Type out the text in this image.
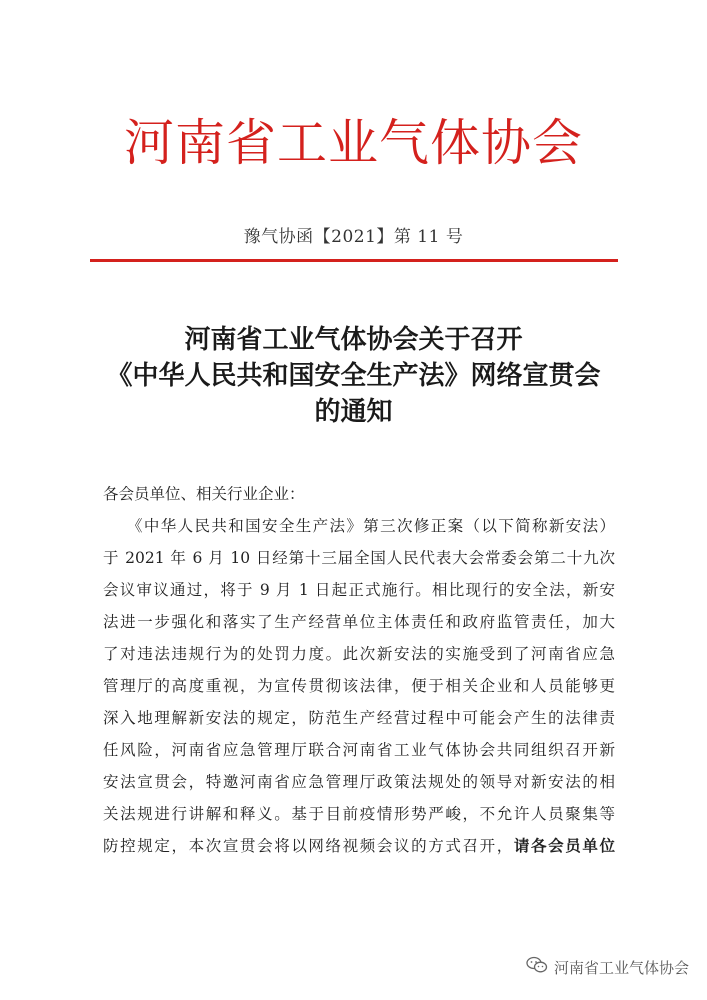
河南省工业气体协会
豫气协函【2021】第 11 号
河南省工业气体协会关于召开
《中华人民共和国安全生产法》网络宣贯会
的通知
各会员单位、相关行业企业：
《中华人民共和国安全生产法》第三次修正案（以下简称新安法）
于 2021 年 6 月 10 日经第十三届全国人民代表大会常委会第二十九次
会议审议通过，将于 9 月 1 日起正式施行。相比现行的安全法，新安
法进一步强化和落实了生产经营单位主体责任和政府监管责任，加大
了对违法违规行为的处罚力度。此次新安法的实施受到了河南省应急
管理厅的高度重视，为宣传贯彻该法律，便于相关企业和人员能够更
深入地理解新安法的规定，防范生产经营过程中可能会产生的法律责
任风险，河南省应急管理厅联合河南省工业气体协会共同组织召开新
安法宣贯会，特邀河南省应急管理厅政策法规处的领导对新安法的相
关法规进行讲解和释义。基于目前疫情形势严峻，不允许人员聚集等
防控规定，本次宣贯会将以网络视频会议的方式召开，请各会员单位
河南省工业气体协会
